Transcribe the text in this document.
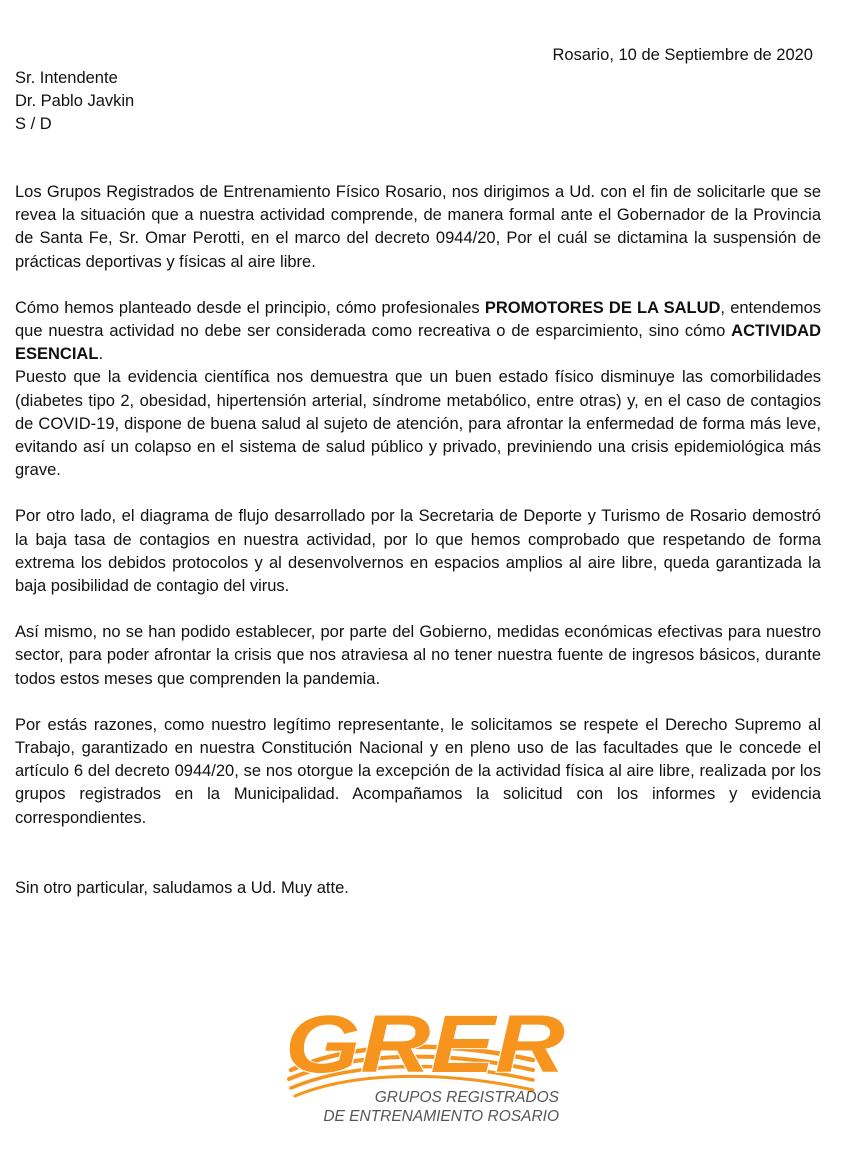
Rosario, 10 de Septiembre de 2020
Sr. Intendente
Dr. Pablo Javkin
S / D

Los Grupos Registrados de Entrenamiento Físico Rosario, nos dirigimos a Ud. con el fin de solicitarle que se revea la situación que a nuestra actividad comprende, de manera formal ante el Gobernador de la Provincia de Santa Fe, Sr. Omar Perotti, en el marco del decreto 0944/20, Por el cuál se dictamina la suspensión de prácticas deportivas y físicas al aire libre.

Cómo hemos planteado desde el principio, cómo profesionales PROMOTORES DE LA SALUD, entendemos que nuestra actividad no debe ser considerada como recreativa o de esparcimiento, sino cómo ACTIVIDAD ESENCIAL.

Puesto que la evidencia científica nos demuestra que un buen estado físico disminuye las comorbilidades (diabetes tipo 2, obesidad, hipertensión arterial, síndrome metabólico, entre otras) y, en el caso de contagios de COVID-19, dispone de buena salud al sujeto de atención, para afrontar la enfermedad de forma más leve, evitando así un colapso en el sistema de salud público y privado, previniendo una crisis epidemiológica más grave.

Por otro lado, el diagrama de flujo desarrollado por la Secretaria de Deporte y Turismo de Rosario demostró la baja tasa de contagios en nuestra actividad, por lo que hemos comprobado que respetando de forma extrema los debidos protocolos y al desenvolvernos en espacios amplios al aire libre, queda garantizada la baja posibilidad de contagio del virus.

Así mismo, no se han podido establecer, por parte del Gobierno, medidas económicas efectivas para nuestro sector, para poder afrontar la crisis que nos atraviesa al no tener nuestra fuente de ingresos básicos, durante todos estos meses que comprenden la pandemia.

Por estás razones, como nuestro legítimo representante, le solicitamos se respete el Derecho Supremo al Trabajo, garantizado en nuestra Constitución Nacional y en pleno uso de las facultades que le concede el artículo 6 del decreto 0944/20, se nos otorgue la excepción de la actividad física al aire libre, realizada por los grupos registrados en la Municipalidad. Acompañamos la solicitud con los informes y evidencia correspondientes.

Sin otro particular, saludamos a Ud. Muy atte.
GRER
GRUPOS REGISTRADOS
DE ENTRENAMIENTO ROSARIO
